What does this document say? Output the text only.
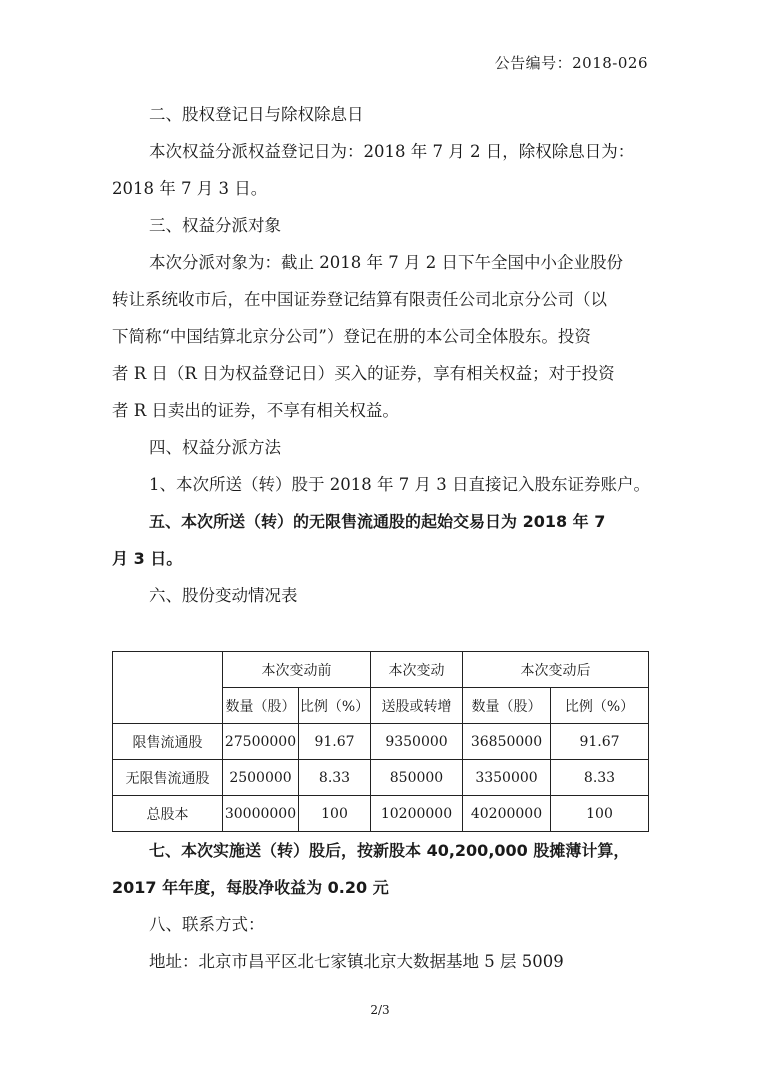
公告编号：2018-026
二、股权登记日与除权除息日
本次权益分派权益登记日为：2018 年 7 月 2 日，除权除息日为：
2018 年 7 月 3 日。
三、权益分派对象
本次分派对象为：截止 2018 年 7 月 2 日下午全国中小企业股份
转让系统收市后，在中国证券登记结算有限责任公司北京分公司（以
下简称“中国结算北京分公司”）登记在册的本公司全体股东。投资
者 R 日（R 日为权益登记日）买入的证券，享有相关权益；对于投资
者 R 日卖出的证券，不享有相关权益。
四、权益分派方法
1、本次所送（转）股于 2018 年 7 月 3 日直接记入股东证券账户。
五、本次所送（转）的无限售流通股的起始交易日为 2018 年 7
月 3 日。
六、股份变动情况表
	本次变动前		本次变动	本次变动后	
	数量（股）	比例（%）	送股或转增	数量（股）	比例（%）
限售流通股	27500000	91.67	9350000	36850000	91.67
无限售流通股	2500000	8.33	850000	3350000	8.33
总股本	30000000	100	10200000	40200000	100
七、本次实施送（转）股后，按新股本 40,200,000 股摊薄计算，
2017 年年度，每股净收益为 0.20 元
八、联系方式：
地址：北京市昌平区北七家镇北京大数据基地 5 层 5009
2/3
